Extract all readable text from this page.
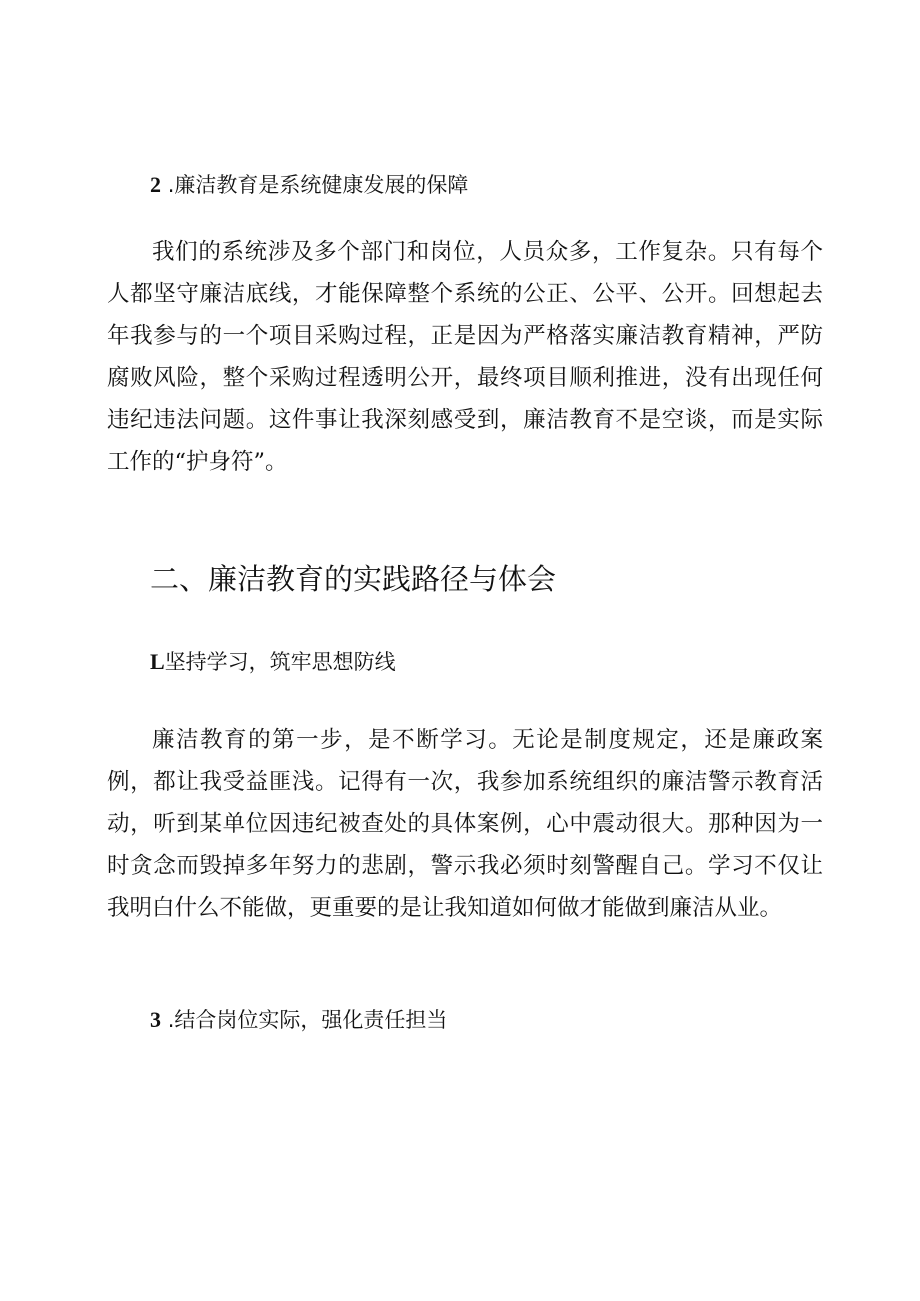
2 .廉洁教育是系统健康发展的保障

我们的系统涉及多个部门和岗位，人员众多，工作复杂。只有每个人都坚守廉洁底线，才能保障整个系统的公正、公平、公开。回想起去年我参与的一个项目采购过程，正是因为严格落实廉洁教育精神，严防腐败风险，整个采购过程透明公开，最终项目顺利推进，没有出现任何违纪违法问题。这件事让我深刻感受到，廉洁教育不是空谈，而是实际工作的“护身符”。

二、廉洁教育的实践路径与体会
L坚持学习，筑牢思想防线

廉洁教育的第一步，是不断学习。无论是制度规定，还是廉政案例，都让我受益匪浅。记得有一次，我参加系统组织的廉洁警示教育活动，听到某单位因违纪被查处的具体案例，心中震动很大。那种因为一时贪念而毁掉多年努力的悲剧，警示我必须时刻警醒自己。学习不仅让我明白什么不能做，更重要的是让我知道如何做才能做到廉洁从业。

3 .结合岗位实际，强化责任担当
